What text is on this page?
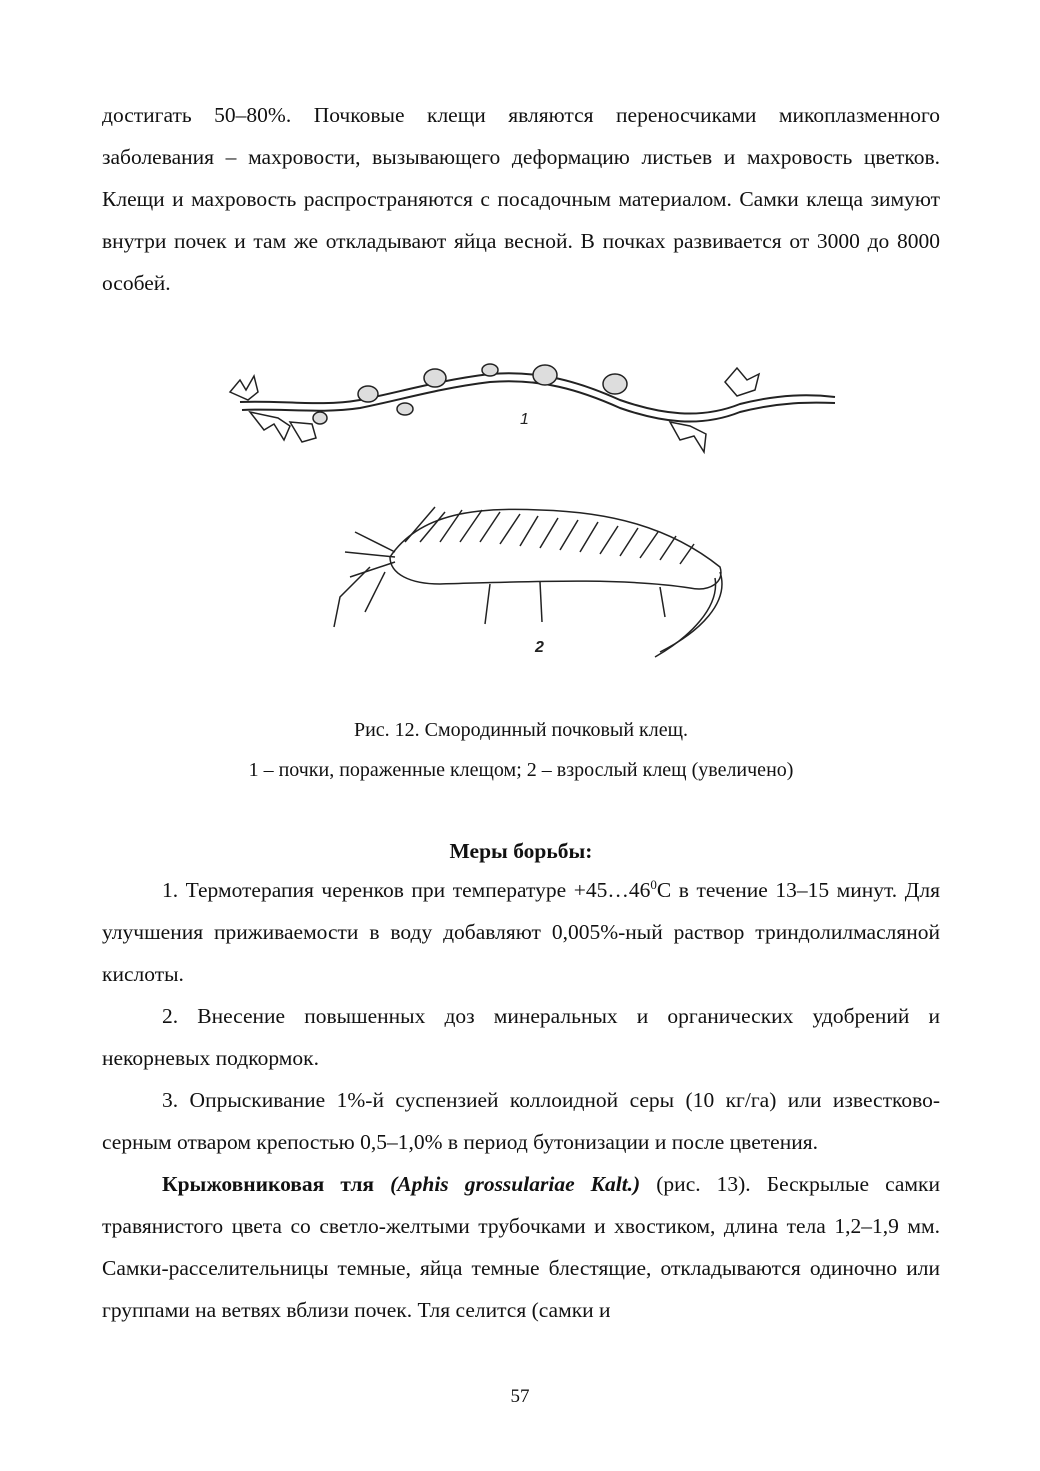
достигать 50–80%. Почковые клещи являются переносчиками микоплазменного заболевания – махровости, вызывающего деформацию листьев и махровость цветков. Клещи и махровость распространяются с посадочным материалом. Самки клеща зимуют внутри почек и там же откладывают яйца весной. В почках развивается от 3000 до 8000 особей.

1
2
Рис. 12. Смородинный почковый клещ.
1 – почки, пораженные клещом; 2 – взрослый клещ (увеличено)
Меры борьбы:

1. Термотерапия черенков при температуре $+45\dots 46^0С$ в течение 13–15 минут. Для улучшения приживаемости в воду добавляют 0,005%-ный раствор триндолилмасляной кислоты.

2. Внесение повышенных доз минеральных и органических удобрений и некорневых подкормок.

3. Опрыскивание 1%-й суспензией коллоидной серы (10 кг/га) или известково-серным отваром крепостью 0,5–1,0% в период бутонизации и после цветения.

Крыжовниковая тля (Aphis grossulariae Kalt.) (рис. 13). Бескрылые самки травянистого цвета со светло-желтыми трубочками и хвостиком, длина тела 1,2–1,9 мм. Самки-расселительницы темные, яйца темные блестящие, откладываются одиночно или группами на ветвях вблизи почек. Тля селится (самки и

57
